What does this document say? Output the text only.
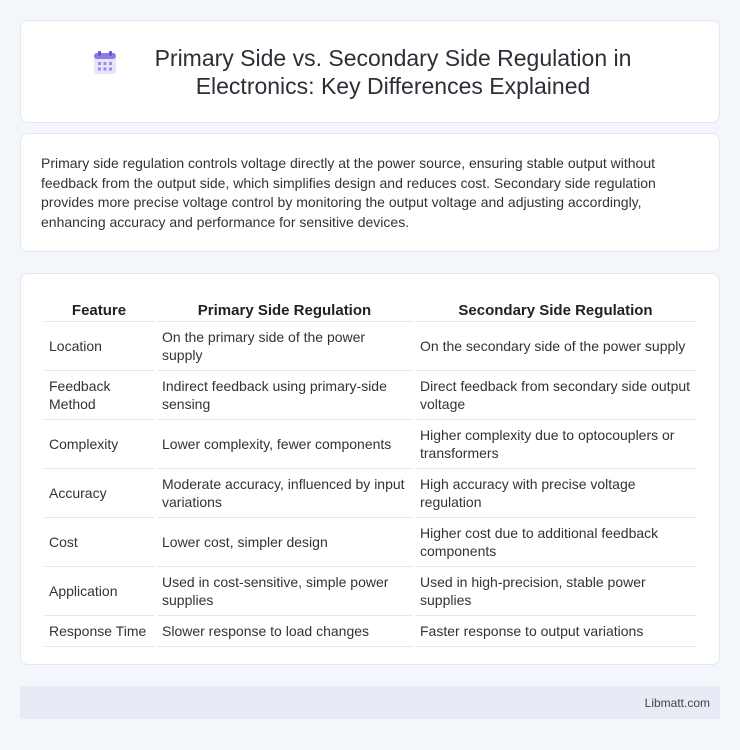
Primary Side vs. Secondary Side Regulation in Electronics: Key Differences Explained

Primary side regulation controls voltage directly at the power source, ensuring stable output without feedback from the output side, which simplifies design and reduces cost. Secondary side regulation provides more precise voltage control by monitoring the output voltage and adjusting accordingly, enhancing accuracy and performance for sensitive devices.

Feature	Primary Side Regulation	Secondary Side Regulation
Location	On the primary side of the power supply	On the secondary side of the power supply
Feedback Method	Indirect feedback using primary-side sensing	Direct feedback from secondary side output voltage
Complexity	Lower complexity, fewer components	Higher complexity due to optocouplers or transformers
Accuracy	Moderate accuracy, influenced by input variations	High accuracy with precise voltage regulation
Cost	Lower cost, simpler design	Higher cost due to additional feedback components
Application	Used in cost-sensitive, simple power supplies	Used in high-precision, stable power supplies
Response Time	Slower response to load changes	Faster response to output variations
Libmatt.com
